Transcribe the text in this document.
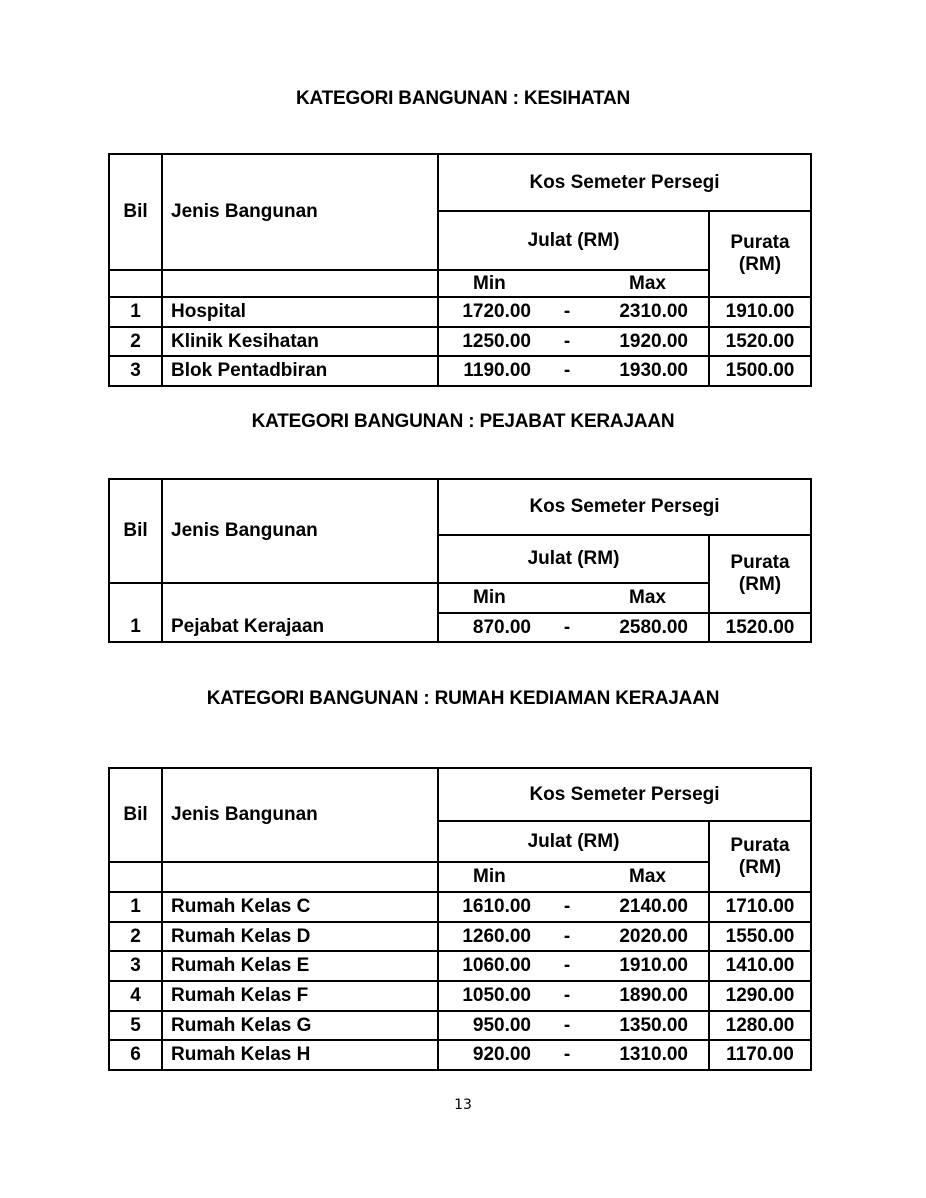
KATEGORI BANGUNAN : KESIHATAN
Bil	Jenis Bangunan	Kos Semeter Persegi	
		Julat (RM)	Purata (RM)

		Min Max	

1	Hospital	1720.00 - 2310.00	1910.00
2	Klinik Kesihatan	1250.00 - 1920.00	1520.00
3	Blok Pentadbiran	1190.00 - 1930.00	1500.00
KATEGORI BANGUNAN : PEJABAT KERAJAAN
Bil	Jenis Bangunan	Kos Semeter Persegi	
		Julat (RM)	Purata (RM)

		Min Max	

1	Pejabat Kerajaan	870.00 - 2580.00	1520.00
KATEGORI BANGUNAN : RUMAH KEDIAMAN KERAJAAN
Bil	Jenis Bangunan	Kos Semeter Persegi	
		Julat (RM)	Purata (RM)

		Min Max	

1	Rumah Kelas C	1610.00 - 2140.00	1710.00
2	Rumah Kelas D	1260.00 - 2020.00	1550.00
3	Rumah Kelas E	1060.00 - 1910.00	1410.00
4	Rumah Kelas F	1050.00 - 1890.00	1290.00
5	Rumah Kelas G	950.00 - 1350.00	1280.00
6	Rumah Kelas H	920.00 - 1310.00	1170.00
13
